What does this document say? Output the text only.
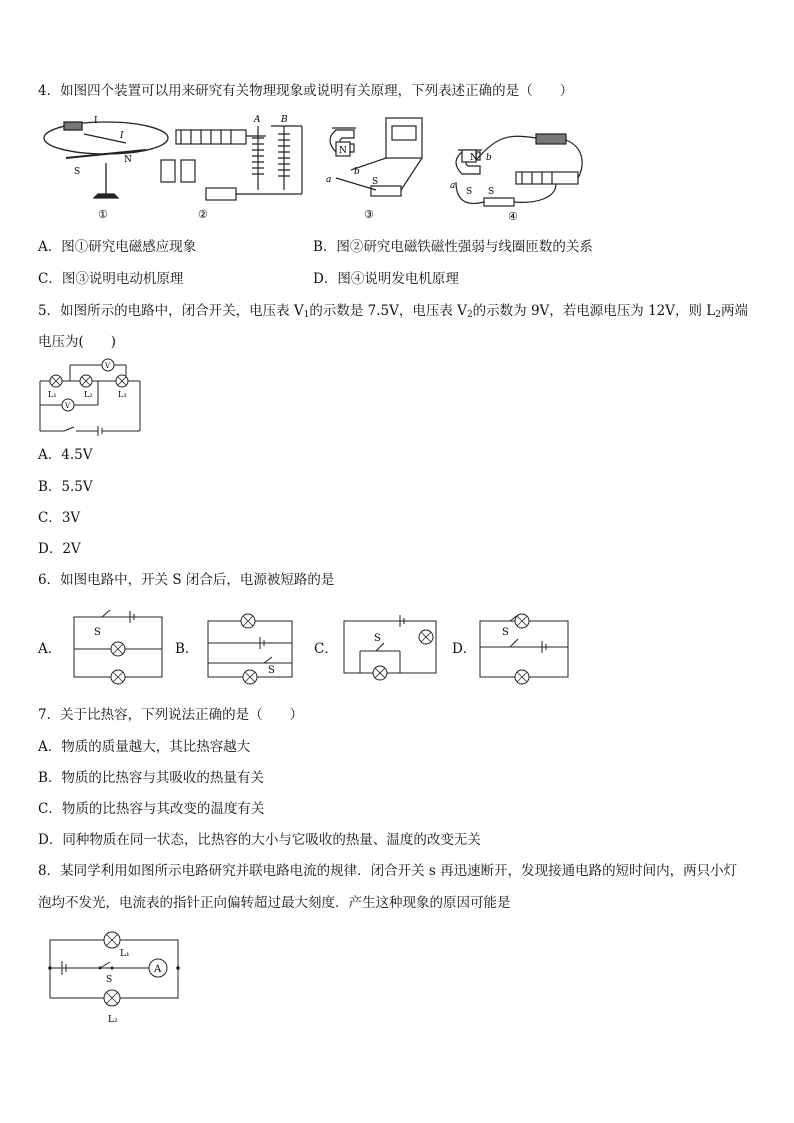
4．如图四个装置可以用来研究有关物理现象或说明有关原理，下列表述正确的是（　　）
I
I
S
N
①
A B
②
N
a
b
S
③
N
a
b
S S
④
A．图①研究电磁感应现象	B．图②研究电磁铁磁性强弱与线圈匝数的关系
C．图③说明电动机原理	D．图④说明发电机原理
5．如图所示的电路中，闭合开关，电压表 $V_1$的示数是 7.5V，电压表 $V_2$的示数为 9V，若电源电压为 12V，则 $L_2$两端
电压为(　　)
V
V
L₁	L₂	L₃
A．4.5V
B．5.5V
C．3V
D．2V
6．如图电路中，开关 S 闭合后，电源被短路的是
A．	B．	C．	D．
S
S
S
S
7．关于比热容，下列说法正确的是（　　）
A．物质的质量越大，其比热容越大
B．物质的比热容与其吸收的热量有关
C．物质的比热容与其改变的温度有关
D．同种物质在同一状态，比热容的大小与它吸收的热量、温度的改变无关
8．某同学利用如图所示电路研究并联电路电流的规律．闭合开关 s 再迅速断开，发现接通电路的短时间内，两只小灯
泡均不发光，电流表的指针正向偏转超过最大刻度．产生这种现象的原因可能是
A
L₁
S
L₂
